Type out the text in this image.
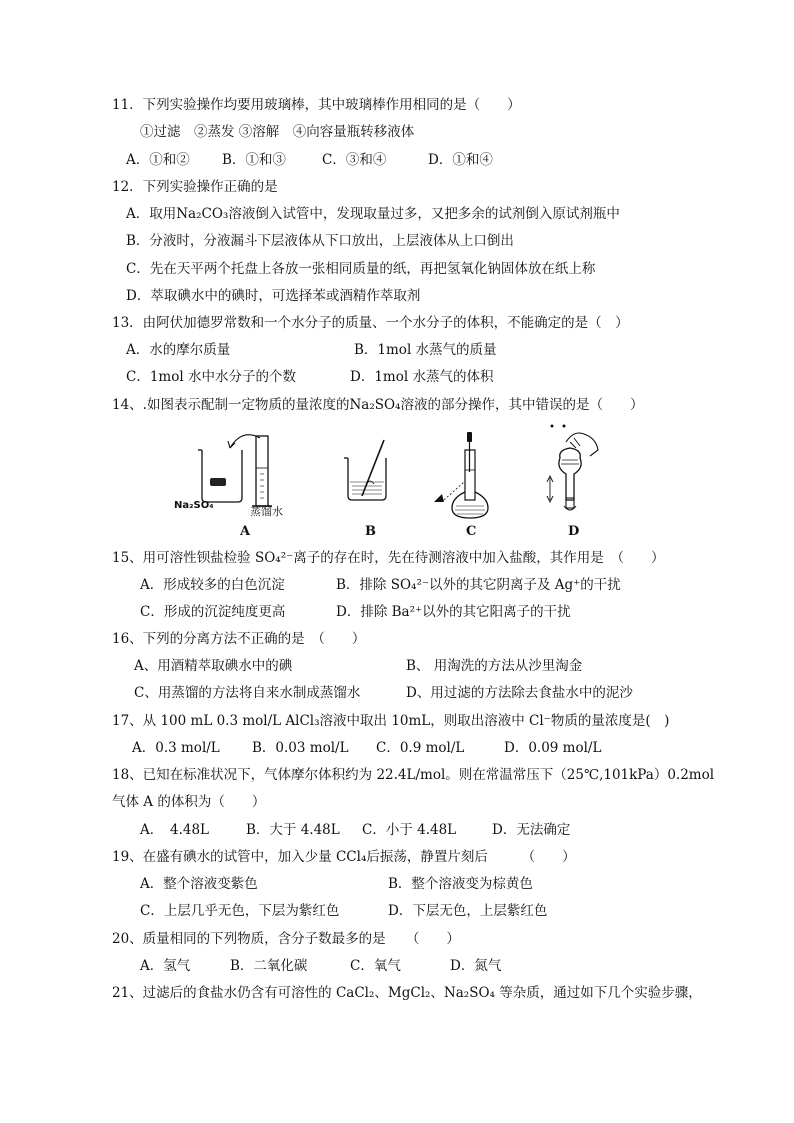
11．下列实验操作均要用玻璃棒，其中玻璃棒作用相同的是（　　）
①过滤　②蒸发 ③溶解　④向容量瓶转移液体
A．①和② B．①和③	C．③和④	D．①和④
12．下列实验操作正确的是
A．取用Na₂CO₃溶液倒入试管中，发现取量过多，又把多余的试剂倒入原试剂瓶中
B．分液时，分液漏斗下层液体从下口放出，上层液体从上口倒出
C．先在天平两个托盘上各放一张相同质量的纸，再把氢氧化钠固体放在纸上称
D．萃取碘水中的碘时，可选择苯或酒精作萃取剂
13．由阿伏加德罗常数和一个水分子的质量、一个水分子的体积，不能确定的是（　）
A．水的摩尔质量	B．1mol 水蒸气的质量
C．1mol 水中水分子的个数	D．1mol 水蒸气的体积
14、.如图表示配制一定物质的量浓度的Na₂SO₄溶液的部分操作，其中错误的是（　　）
Na₂SO₄	蒸馏水
A	B	C	D
15、用可溶性钡盐检验 SO₄²⁻离子的存在时，先在待测溶液中加入盐酸，其作用是　（　　）
A．形成较多的白色沉淀	B．排除 SO₄²⁻以外的其它阴离子及 Ag⁺的干扰
C．形成的沉淀纯度更高	D．排除 Ba²⁺以外的其它阳离子的干扰
16、下列的分离方法不正确的是　（　　）
A、用酒精萃取碘水中的碘	B、 用淘洗的方法从沙里淘金
C、用蒸馏的方法将自来水制成蒸馏水	D、用过滤的方法除去食盐水中的泥沙
17、从 100 mL 0.3 mol/L AlCl₃溶液中取出 10mL，则取出溶液中 Cl⁻物质的量浓度是(　)
A．0.3 mol/L B．0.03 mol/L C．0.9 mol/L	D．0.09 mol/L
18、已知在标准状况下，气体摩尔体积约为 22.4L/mol。则在常温常压下（25℃,101kPa）0.2mol
气体 A 的体积为（　　）
A．　4.48L	B．大于 4.48L C．小于 4.48L	D．无法确定
19、在盛有碘水的试管中，加入少量 CCl₄后振荡，静置片刻后　　　（　　）
A．整个溶液变紫色	B．整个溶液变为棕黄色
C．上层几乎无色，下层为紫红色	D．下层无色，上层紫红色
20、质量相同的下列物质，含分子数最多的是　　（　　）
A．氢气	B．二氧化碳	C．氧气	D．氮气
21、过滤后的食盐水仍含有可溶性的 CaCl₂、MgCl₂、Na₂SO₄ 等杂质，通过如下几个实验步骤，
